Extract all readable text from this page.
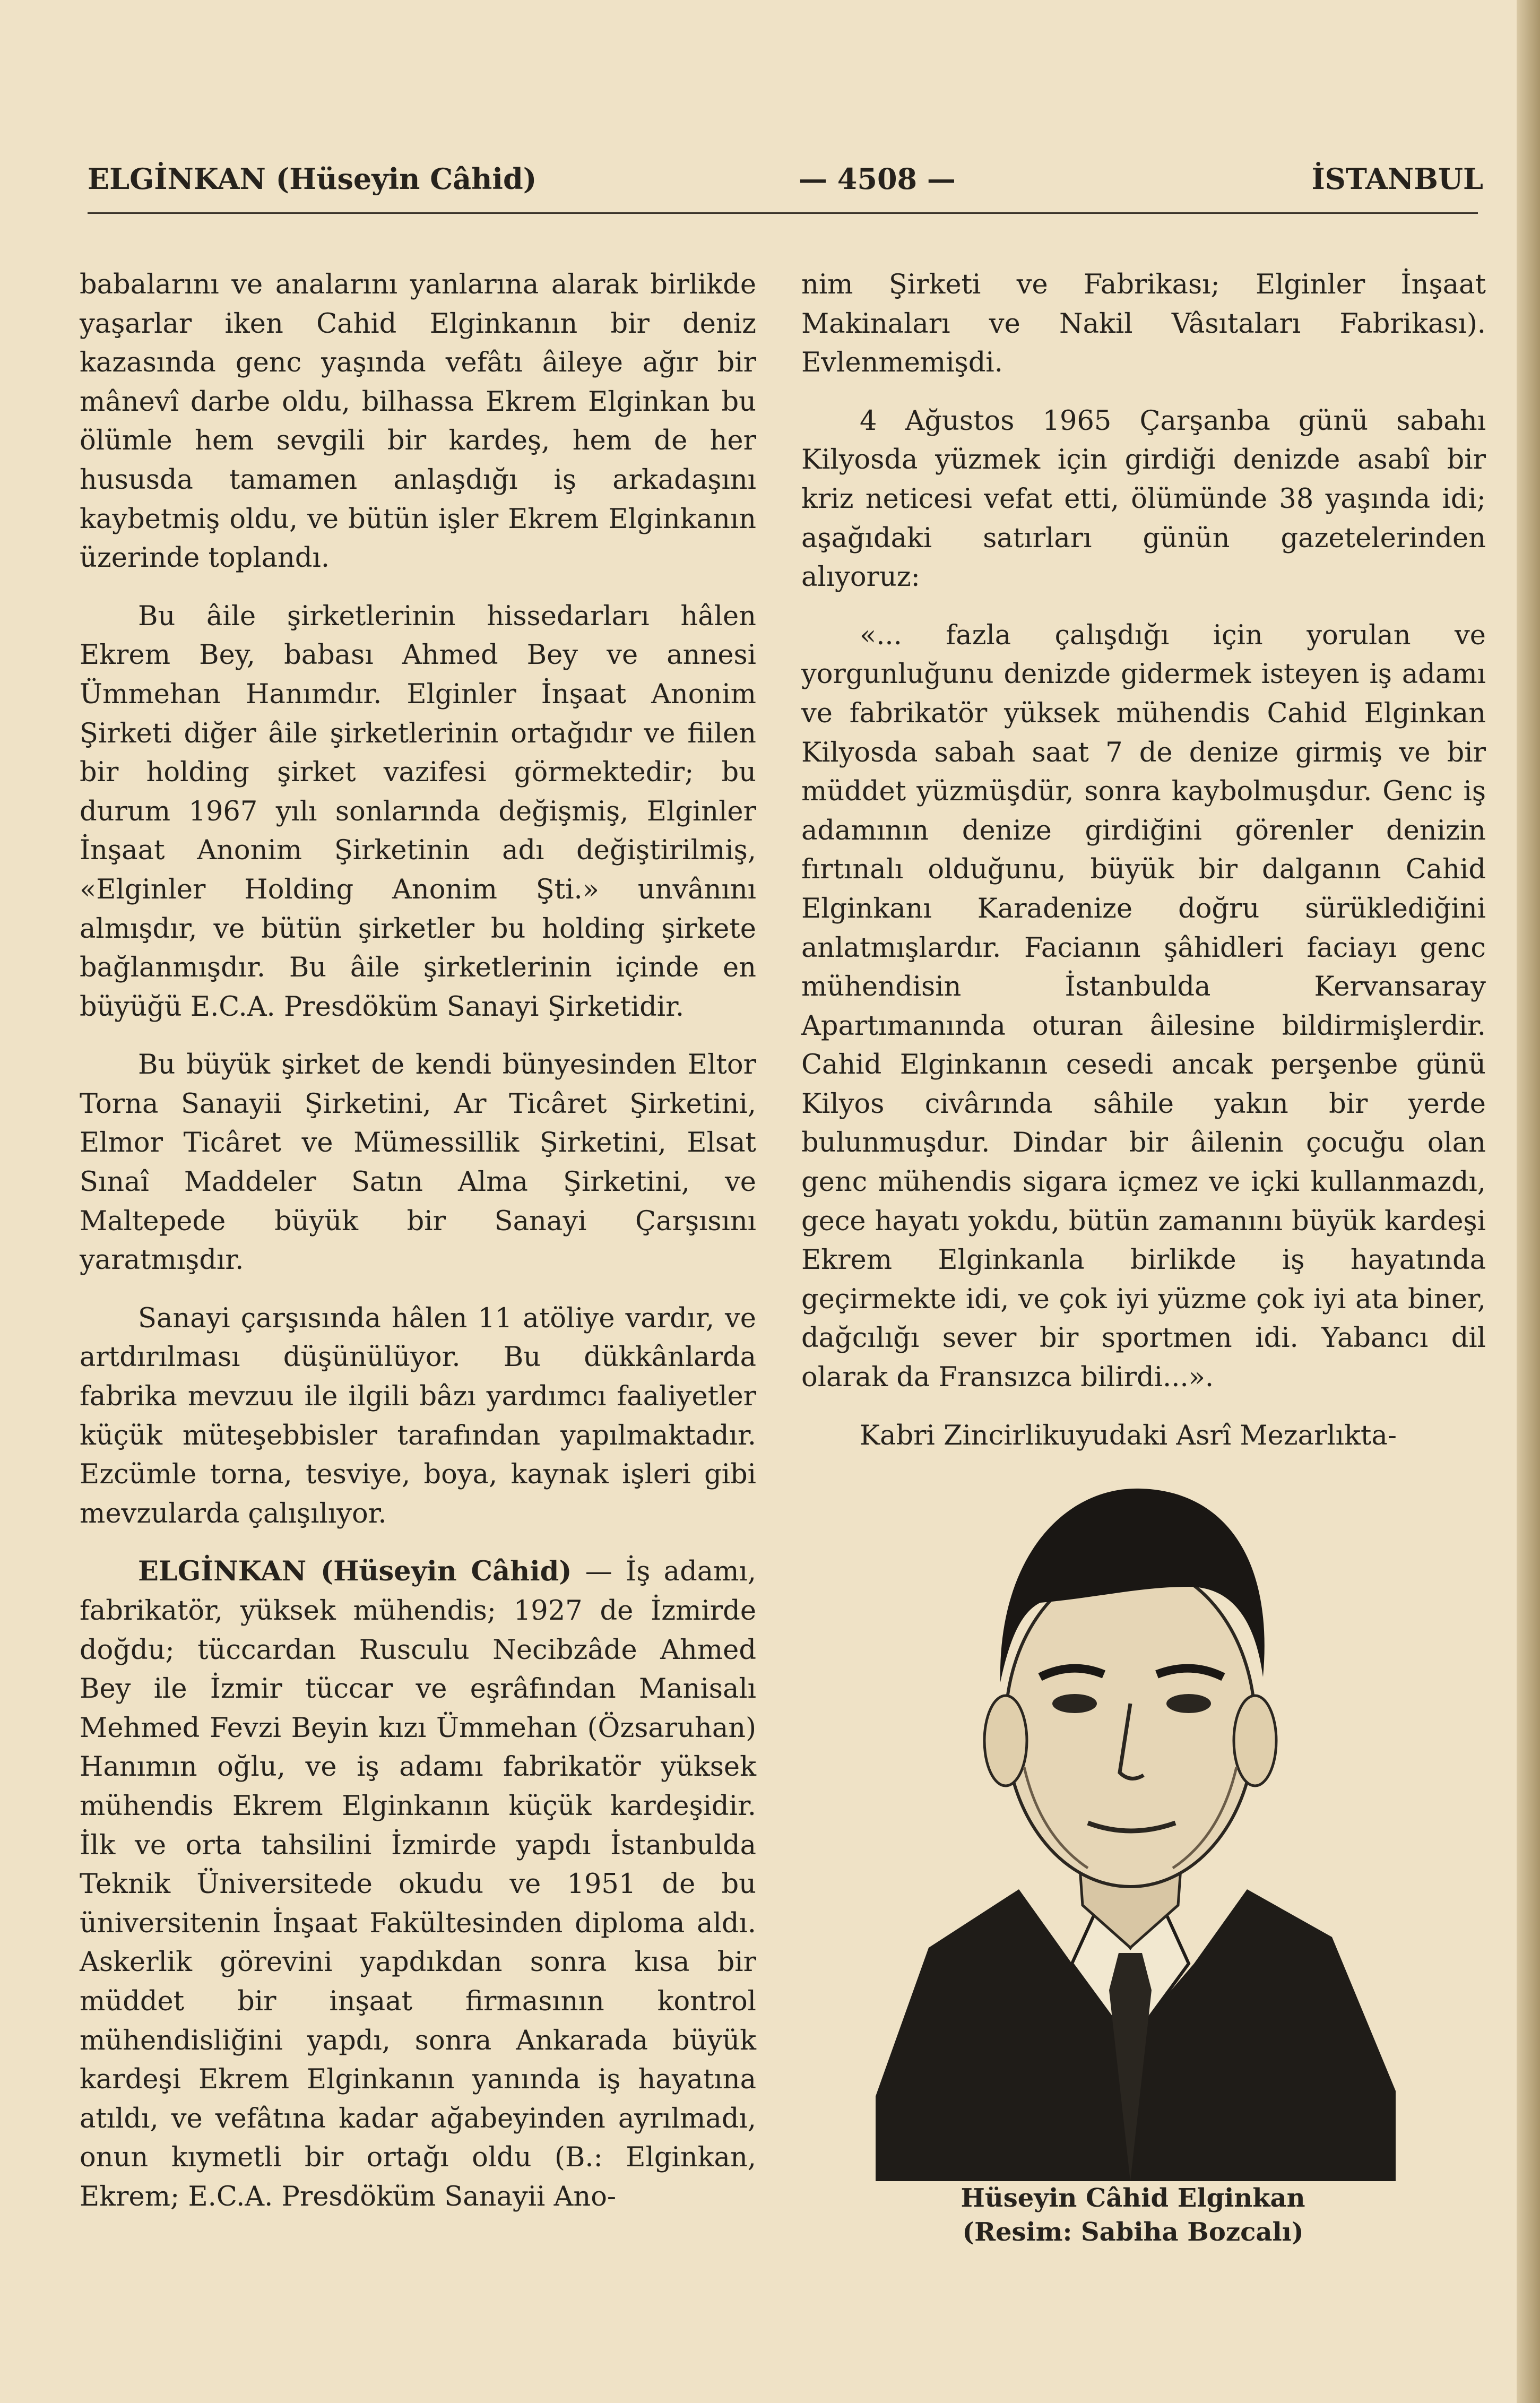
ELGİNKAN (Hüseyin Câhid)	— 4508 —	İSTANBUL

babalarını ve analarını yanlarına alarak birlikde yaşarlar iken Cahid Elginkanın bir deniz kazasında genc yaşında vefâtı âileye ağır bir mânevî darbe oldu, bilhassa Ekrem Elginkan bu ölümle hem sevgili bir kardeş, hem de her hususda tamamen anlaşdığı iş arkadaşını kaybetmiş oldu, ve bütün işler Ekrem Elginkanın üzerinde toplandı.

Bu âile şirketlerinin hissedarları hâlen Ekrem Bey, babası Ahmed Bey ve annesi Ümmehan Hanımdır. Elginler İnşaat Anonim Şirketi diğer âile şirketlerinin ortağıdır ve fiilen bir holding şirket vazifesi görmektedir; bu durum 1967 yılı sonlarında değişmiş, Elginler İnşaat Anonim Şirketinin adı değiştirilmiş, «Elginler Holding Anonim Şti.» unvânını almışdır, ve bütün şirketler bu holding şirkete bağlanmışdır. Bu âile şirketlerinin içinde en büyüğü E.C.A. Presdöküm Sanayi Şirketidir.

Bu büyük şirket de kendi bünyesinden Eltor Torna Sanayii Şirketini, Ar Ticâret Şirketini, Elmor Ticâret ve Mümessillik Şirketini, Elsat Sınaî Maddeler Satın Alma Şirketini, ve Maltepede büyük bir Sanayi Çarşısını yaratmışdır.

Sanayi çarşısında hâlen 11 atöliye vardır, ve artdırılması düşünülüyor. Bu dükkânlarda fabrika mevzuu ile ilgili bâzı yardımcı faaliyetler küçük müteşebbisler tarafından yapılmaktadır. Ezcümle torna, tesviye, boya, kaynak işleri gibi mevzularda çalışılıyor.

ELGİNKAN (Hüseyin Câhid) — İş adamı, fabrikatör, yüksek mühendis; 1927 de İzmirde doğdu; tüccardan Rusculu Necibzâde Ahmed Bey ile İzmir tüccar ve eşrâfından Manisalı Mehmed Fevzi Beyin kızı Ümmehan (Özsaruhan) Hanımın oğlu, ve iş adamı fabrikatör yüksek mühendis Ekrem Elginkanın küçük kardeşidir. İlk ve orta tahsilini İzmirde yapdı İstanbulda Teknik Üniversitede okudu ve 1951 de bu üniversitenin İnşaat Fakültesinden diploma aldı. Askerlik görevini yapdıkdan sonra kısa bir müddet bir inşaat firmasının kontrol mühendisliğini yapdı, sonra Ankarada büyük kardeşi Ekrem Elginkanın yanında iş hayatına atıldı, ve vefâtına kadar ağabeyinden ayrılmadı, onun kıymetli bir ortağı oldu (B.: Elginkan, Ekrem; E.C.A. Presdöküm Sanayii Ano-

nim Şirketi ve Fabrikası; Elginler İnşaat Makinaları ve Nakil Vâsıtaları Fabrikası). Evlenmemişdi.

4 Ağustos 1965 Çarşanba günü sabahı Kilyosda yüzmek için girdiği denizde asabî bir kriz neticesi vefat etti, ölümünde 38 yaşında idi; aşağıdaki satırları günün gazetelerinden alıyoruz:

«... fazla çalışdığı için yorulan ve yorgunluğunu denizde gidermek isteyen iş adamı ve fabrikatör yüksek mühendis Cahid Elginkan Kilyosda sabah saat 7 de denize girmiş ve bir müddet yüzmüşdür, sonra kaybolmuşdur. Genc iş adamının denize girdiğini görenler denizin fırtınalı olduğunu, büyük bir dalganın Cahid Elginkanı Karadenize doğru sürüklediğini anlatmışlardır. Facianın şâhidleri faciayı genc mühendisin İstanbulda Kervansaray Apartımanında oturan âilesine bildirmişlerdir. Cahid Elginkanın cesedi ancak perşenbe günü Kilyos civârında sâhile yakın bir yerde bulunmuşdur. Dindar bir âilenin çocuğu olan genc mühendis sigara içmez ve içki kullanmazdı, gece hayatı yokdu, bütün zamanını büyük kardeşi Ekrem Elginkanla birlikde iş hayatında geçirmekte idi, ve çok iyi yüzme çok iyi ata biner, dağcılığı sever bir sportmen idi. Yabancı dil olarak da Fransızca bilirdi...».

Kabri Zincirlikuyudaki Asrî Mezarlıkta-

Hüseyin Câhid Elginkan
(Resim: Sabiha Bozcalı)
